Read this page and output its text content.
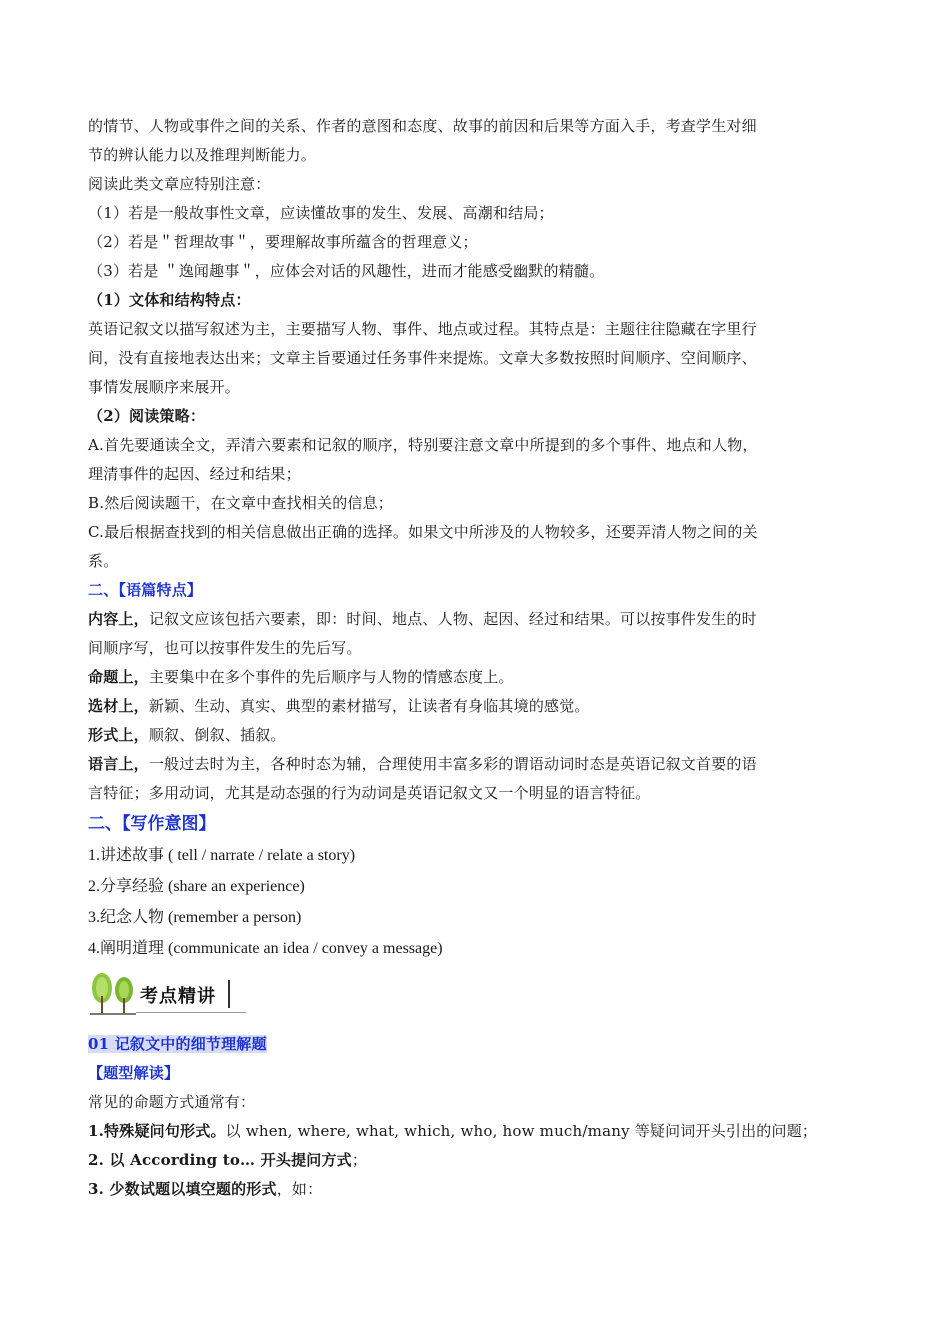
的情节、人物或事件之间的关系、作者的意图和态度、故事的前因和后果等方面入手，考查学生对细

节的辨认能力以及推理判断能力。

阅读此类文章应特别注意：

（1）若是一般故事性文章，应读懂故事的发生、发展、高潮和结局；

（2）若是＂哲理故事＂，要理解故事所蕴含的哲理意义；

（3）若是 ＂逸闻趣事＂，应体会对话的风趣性，进而才能感受幽默的精髓。

（1）文体和结构特点：

英语记叙文以描写叙述为主，主要描写人物、事件、地点或过程。其特点是：主题往往隐藏在字里行

间，没有直接地表达出来；文章主旨要通过任务事件来提炼。文章大多数按照时间顺序、空间顺序、

事情发展顺序来展开。

（2）阅读策略：

A.首先要通读全文，弄清六要素和记叙的顺序，特别要注意文章中所提到的多个事件、地点和人物，

理清事件的起因、经过和结果；

B.然后阅读题干，在文章中查找相关的信息；

C.最后根据查找到的相关信息做出正确的选择。如果文中所涉及的人物较多，还要弄清人物之间的关

系。

二、【语篇特点】

内容上，记叙文应该包括六要素，即：时间、地点、人物、起因、经过和结果。可以按事件发生的时

间顺序写，也可以按事件发生的先后写。

命题上，主要集中在多个事件的先后顺序与人物的情感态度上。

选材上，新颖、生动、真实、典型的素材描写，让读者有身临其境的感觉。

形式上，顺叙、倒叙、插叙。

语言上，一般过去时为主，各种时态为辅，合理使用丰富多彩的谓语动词时态是英语记叙文首要的语

言特征；多用动词，尤其是动态强的行为动词是英语记叙文又一个明显的语言特征。

二、【写作意图】

1.讲述故事 ( tell / narrate / relate a story)

2.分享经验 (share an experience)

3.纪念人物 (remember a person)

4.阐明道理 (communicate an idea / convey a message)

考点精讲

01 记叙文中的细节理解题

【题型解读】

常见的命题方式通常有：

1.特殊疑问句形式。以 when, where, what, which, who, how much/many 等疑问词开头引出的问题；

2. 以 According to… 开头提问方式；

3. 少数试题以填空题的形式，如：
